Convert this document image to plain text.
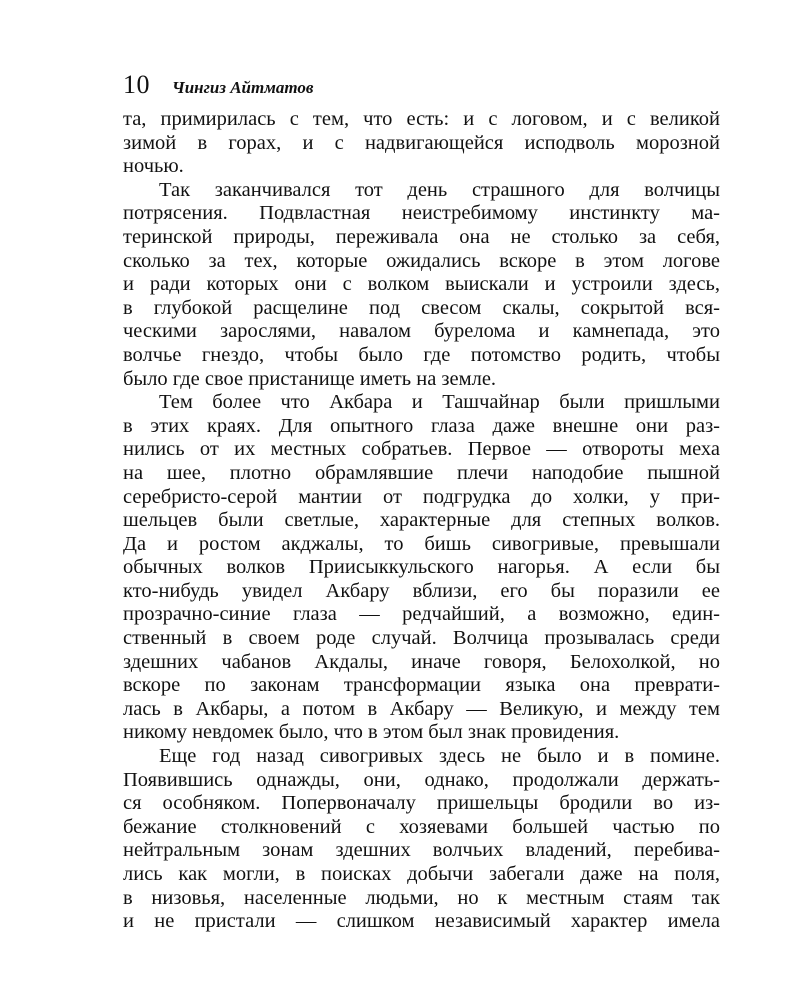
10 Чингиз Айтматов
та, примирилась с тем, что есть: и с логовом, и с великой
зимой в горах, и с надвигающейся исподволь морозной
ночью.
Так заканчивался тот день страшного для волчицы
потрясения. Подвластная неистребимому инстинкту ма-
теринской природы, переживала она не столько за себя,
сколько за тех, которые ожидались вскоре в этом логове
и ради которых они с волком выискали и устроили здесь,
в глубокой расщелине под свесом скалы, сокрытой вся-
ческими зарослями, навалом бурелома и камнепада, это
волчье гнездо, чтобы было где потомство родить, чтобы
было где свое пристанище иметь на земле.
Тем более что Акбара и Ташчайнар были пришлыми
в этих краях. Для опытного глаза даже внешне они раз-
нились от их местных собратьев. Первое — отвороты меха
на шее, плотно обрамлявшие плечи наподобие пышной
серебристо-серой мантии от подгрудка до холки, у при-
шельцев были светлые, характерные для степных волков.
Да и ростом акджалы, то бишь сивогривые, превышали
обычных волков Приисыккульского нагорья. А если бы
кто-нибудь увидел Акбару вблизи, его бы поразили ее
прозрачно-синие глаза — редчайший, а возможно, един-
ственный в своем роде случай. Волчица прозывалась среди
здешних чабанов Акдалы, иначе говоря, Белохолкой, но
вскоре по законам трансформации языка она преврати-
лась в Акбары, а потом в Акбару — Великую, и между тем
никому невдомек было, что в этом был знак провидения.
Еще год назад сивогривых здесь не было и в помине.
Появившись однажды, они, однако, продолжали держать-
ся особняком. Попервоначалу пришельцы бродили во из-
бежание столкновений с хозяевами большей частью по
нейтральным зонам здешних волчьих владений, перебива-
лись как могли, в поисках добычи забегали даже на поля,
в низовья, населенные людьми, но к местным стаям так
и не пристали — слишком независимый характер имела
